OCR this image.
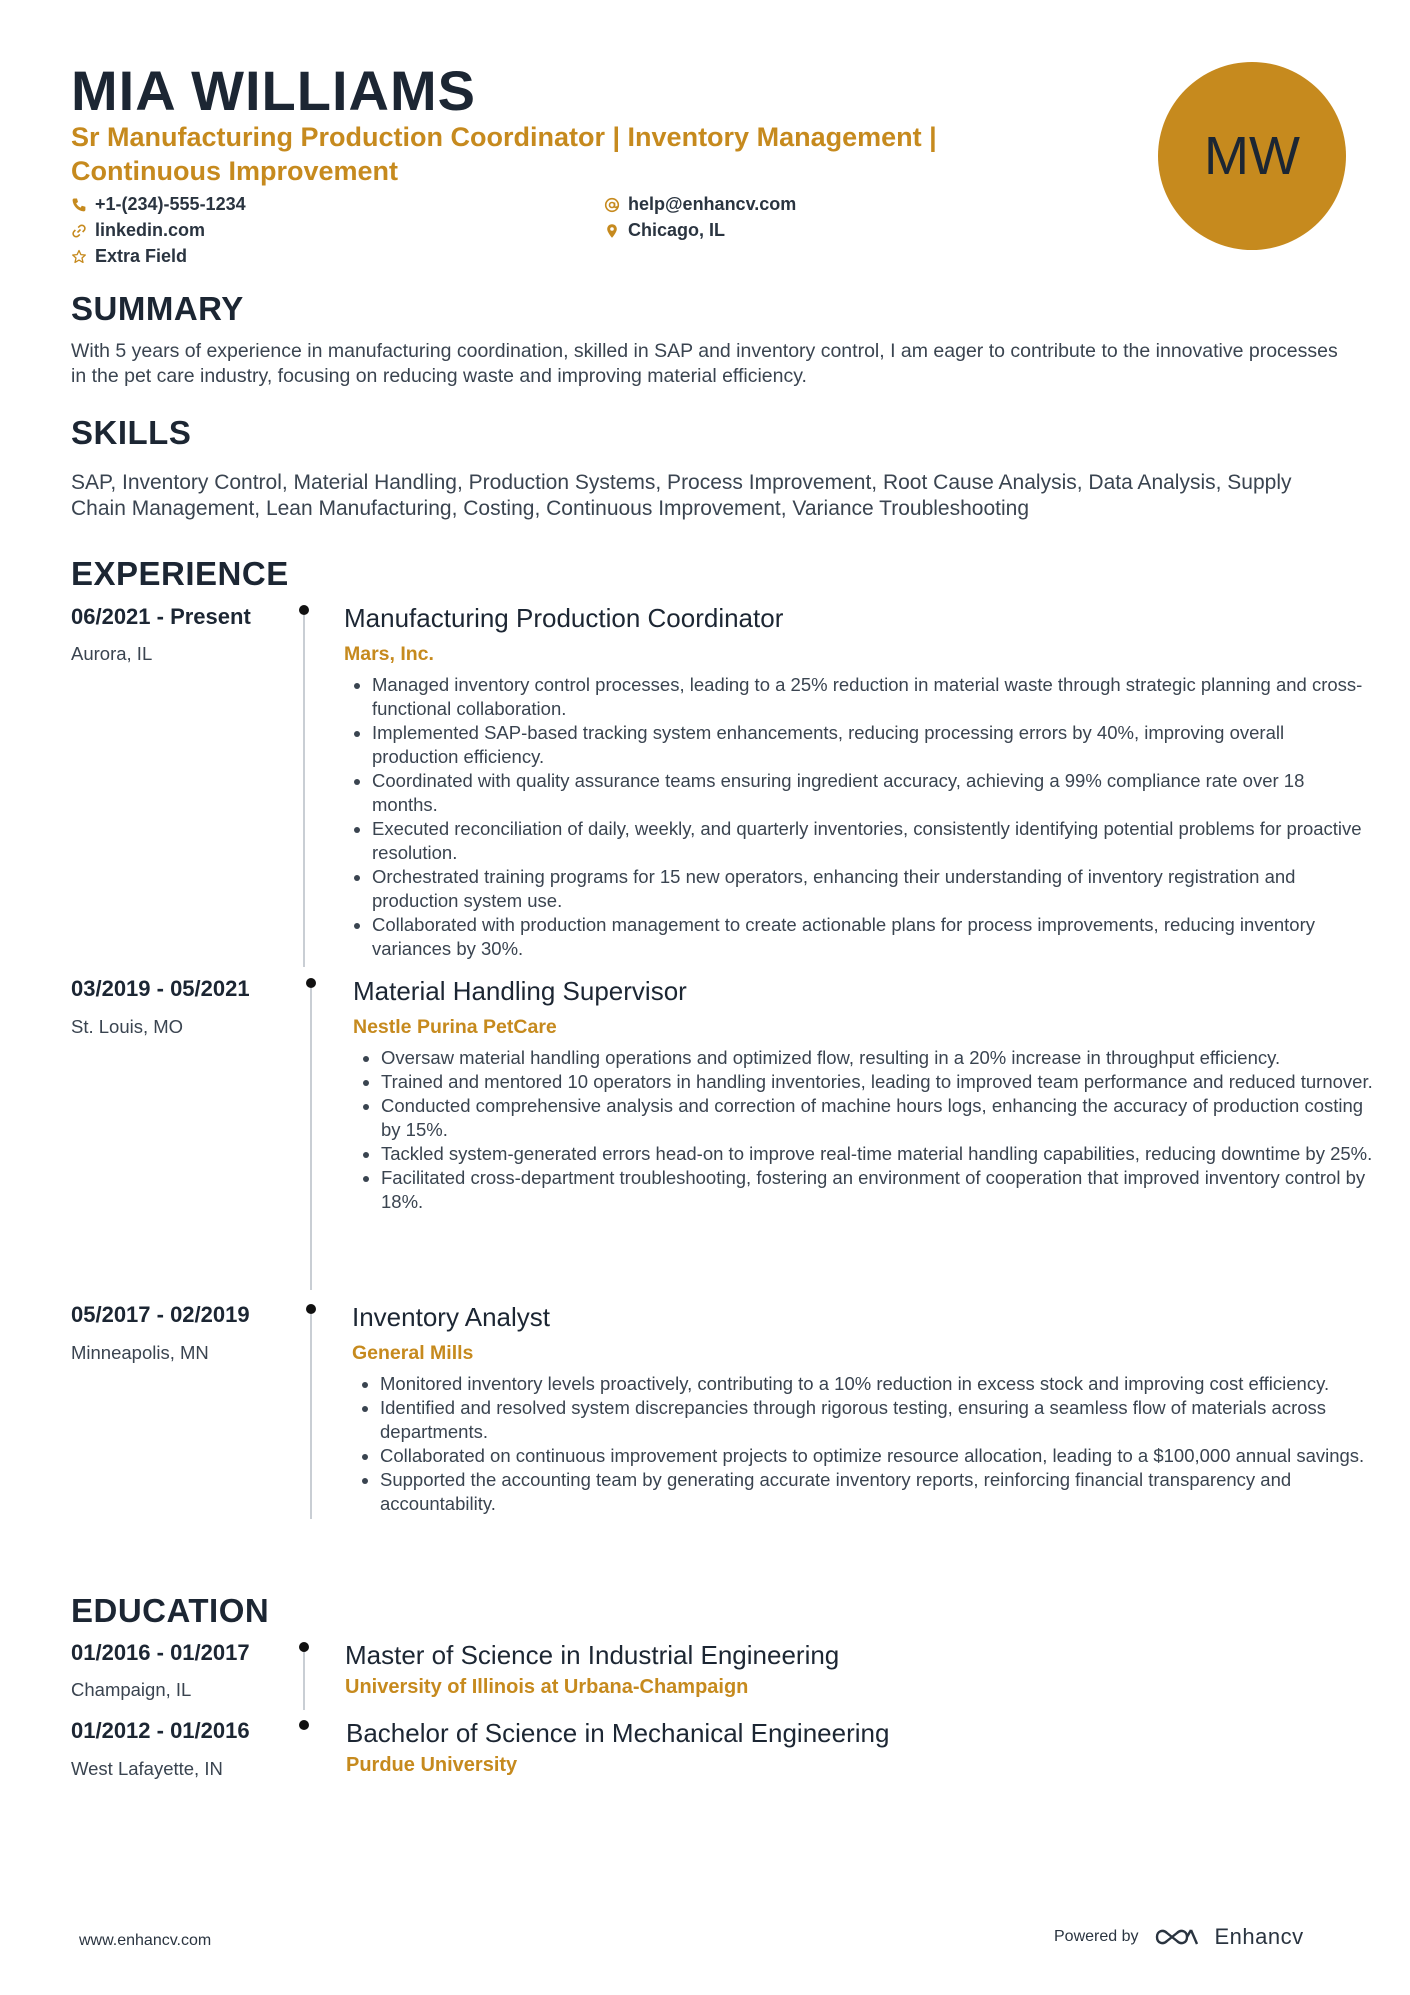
MIA WILLIAMS

Sr Manufacturing Production Coordinator | Inventory Management | Continuous Improvement	MW
+1-(234)-555-1234	help@enhancv.com
linkedin.com	Chicago, IL
Extra Field
SUMMARY

With 5 years of experience in manufacturing coordination, skilled in SAP and inventory control, I am eager to contribute to the innovative processes in the pet care industry, focusing on reducing waste and improving material efficiency.

SKILLS

SAP, Inventory Control, Material Handling, Production Systems, Process Improvement, Root Cause Analysis, Data Analysis, Supply Chain Management, Lean Manufacturing, Costing, Continuous Improvement, Variance Troubleshooting

EXPERIENCE
06/2021 - Present
Aurora, IL
Manufacturing Production Coordinator
Mars, Inc.
• Managed inventory control processes, leading to a 25% reduction in material waste through strategic planning and cross-functional collaboration.
• Implemented SAP-based tracking system enhancements, reducing processing errors by 40%, improving overall production efficiency.
• Coordinated with quality assurance teams ensuring ingredient accuracy, achieving a 99% compliance rate over 18 months.
• Executed reconciliation of daily, weekly, and quarterly inventories, consistently identifying potential problems for proactive resolution.
• Orchestrated training programs for 15 new operators, enhancing their understanding of inventory registration and production system use.
• Collaborated with production management to create actionable plans for process improvements, reducing inventory variances by 30%.
03/2019 - 05/2021
St. Louis, MO
Material Handling Supervisor
Nestle Purina PetCare
• Oversaw material handling operations and optimized flow, resulting in a 20% increase in throughput efficiency.
• Trained and mentored 10 operators in handling inventories, leading to improved team performance and reduced turnover.
• Conducted comprehensive analysis and correction of machine hours logs, enhancing the accuracy of production costing by 15%.
• Tackled system-generated errors head-on to improve real-time material handling capabilities, reducing downtime by 25%.
• Facilitated cross-department troubleshooting, fostering an environment of cooperation that improved inventory control by 18%.
05/2017 - 02/2019
Minneapolis, MN
Inventory Analyst
General Mills
• Monitored inventory levels proactively, contributing to a 10% reduction in excess stock and improving cost efficiency.
• Identified and resolved system discrepancies through rigorous testing, ensuring a seamless flow of materials across departments.
• Collaborated on continuous improvement projects to optimize resource allocation, leading to a $100,000 annual savings.
• Supported the accounting team by generating accurate inventory reports, reinforcing financial transparency and accountability.
EDUCATION
01/2016 - 01/2017
Champaign, IL
Master of Science in Industrial Engineering
University of Illinois at Urbana-Champaign
01/2012 - 01/2016
West Lafayette, IN
Bachelor of Science in Mechanical Engineering
Purdue University
www.enhancv.com	Powered by	Enhancv
